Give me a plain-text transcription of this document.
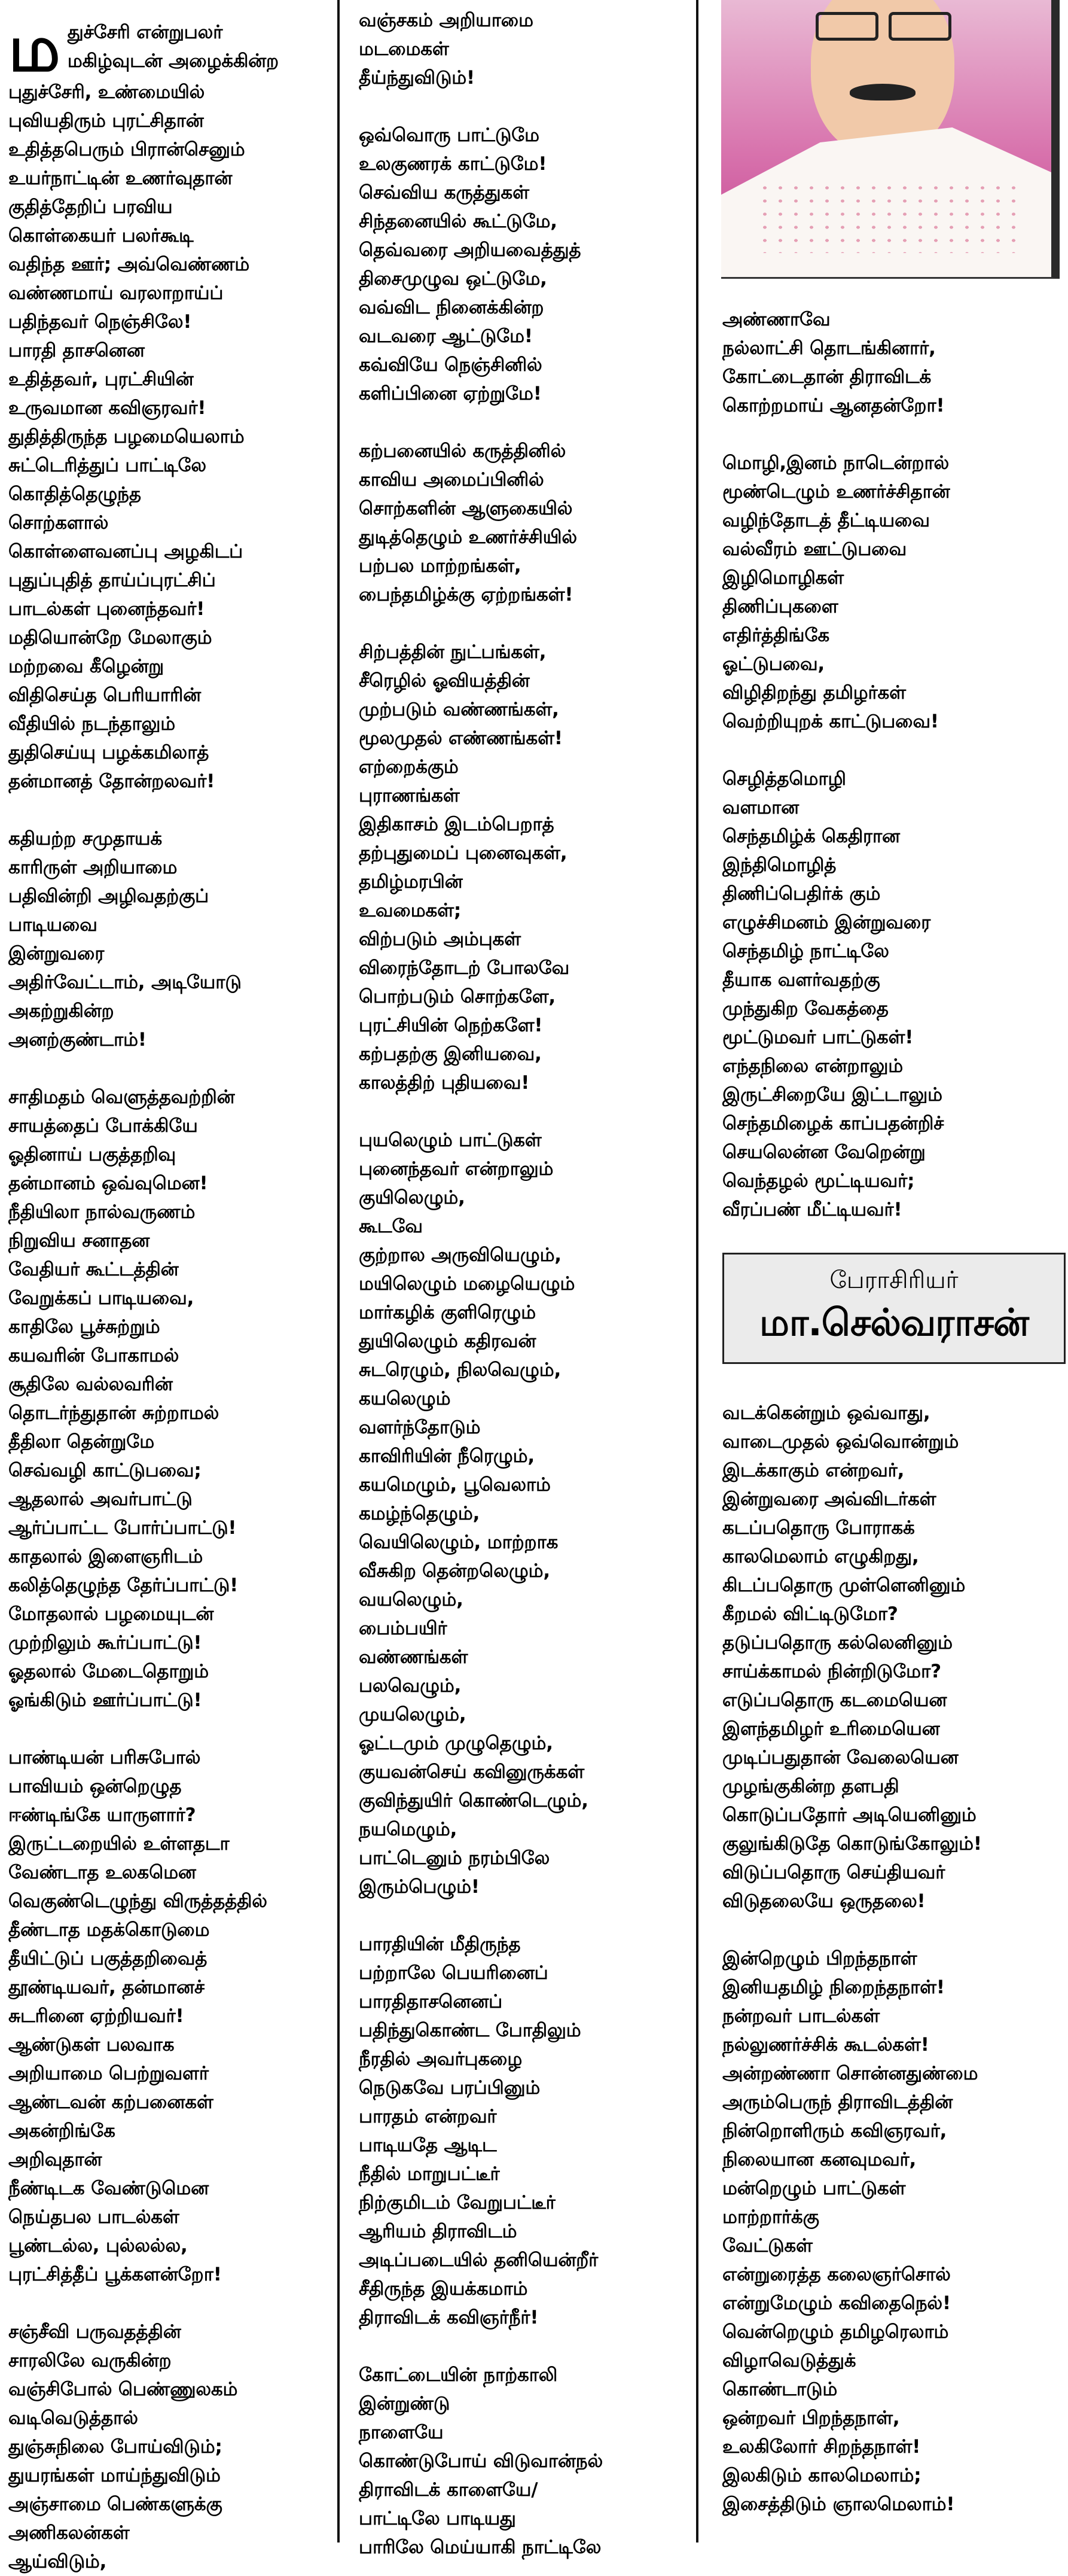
ம துச்சேரி என்றுபலர்
மகிழ்வுடன் அழைக்கின்ற
புதுச்சேரி, உண்மையில்
புவியதிரும் புரட்சிதான்
உதித்தபெரும் பிரான்செனும்
உயர்நாட்டின் உணர்வுதான்
குதித்தேறிப் பரவிய
கொள்கையர் பலர்கூடி
வதிந்த ஊர்; அவ்வெண்ணம்
வண்ணமாய் வரலாறாய்ப்
பதிந்தவர் நெஞ்சிலே!
பாரதி தாசனென
உதித்தவர், புரட்சியின்
உருவமான கவிஞரவர்!
துதித்திருந்த பழமையெலாம்
சுட்டெரித்துப் பாட்டிலே
கொதித்தெழுந்த
சொற்களால்
கொள்ளைவனப்பு அழகிடப்
புதுப்புதித் தாய்ப்புரட்சிப்
பாடல்கள் புனைந்தவர்!
மதியொன்றே மேலாகும்
மற்றவை கீழென்று
விதிசெய்த பெரியாரின்
வீதியில் நடந்தாலும்
துதிசெய்யு பழக்கமிலாத்
தன்மானத் தோன்றலவர்!
கதியற்ற சமுதாயக்
காரிருள் அறியாமை
பதிவின்றி அழிவதற்குப்
பாடியவை
இன்றுவரை
அதிர்வேட்டாம், அடியோடு
அகற்றுகின்ற
அனற்குண்டாம்!
சாதிமதம் வெளுத்தவற்றின்
சாயத்தைப் போக்கியே
ஓதினாய் பகுத்தறிவு
தன்மானம் ஒவ்வுமென!
நீதியிலா நால்வருணம்
நிறுவிய சனாதன
வேதியர் கூட்டத்தின்
வேறுக்கப் பாடியவை,
காதிலே பூச்சுற்றும்
கயவரின் போகாமல்
சூதிலே வல்லவரின்
தொடர்ந்துதான் சுற்றாமல்
தீதிலா தென்றுமே
செவ்வழி காட்டுபவை;
ஆதலால் அவர்பாட்டு
ஆர்ப்பாட்ட போர்ப்பாட்டு!
காதலால் இளைஞரிடம்
கலித்தெழுந்த தேர்ப்பாட்டு!
மோதலால் பழமையுடன்
முற்றிலும் கூர்ப்பாட்டு!
ஓதலால் மேடைதொறும்
ஓங்கிடும் ஊர்ப்பாட்டு!
பாண்டியன் பரிசுபோல்
பாவியம் ஒன்றெழுத
ஈண்டிங்கே யாருளார்?
இருட்டறையில் உள்ளதடா
வேண்டாத உலகமென
வெகுண்டெழுந்து விருத்தத்தில்
தீண்டாத மதக்கொடுமை
தீயிட்டுப் பகுத்தறிவைத்
தூண்டியவர், தன்மானச்
சுடரினை ஏற்றியவர்!
ஆண்டுகள் பலவாக
அறியாமை பெற்றுவளர்
ஆண்டவன் கற்பனைகள்
அகன்றிங்கே
அறிவுதான்
நீண்டிடக வேண்டுமென
நெய்தபல பாடல்கள்
பூண்டல்ல, புல்லல்ல,
புரட்சித்தீப் பூக்களன்றோ!
சஞ்சீவி பருவதத்தின்
சாரலிலே வருகின்ற
வஞ்சிபோல் பெண்ணுலகம்
வடிவெடுத்தால்
துஞ்சுநிலை போய்விடும்;
துயரங்கள் மாய்ந்துவிடும்
அஞ்சாமை பெண்களுக்கு
அணிகலன்கள்
ஆய்விடும்,
வஞ்சகம் அறியாமை
மடமைகள்
தீய்ந்துவிடும்!
ஒவ்வொரு பாட்டுமே
உலகுணரக் காட்டுமே!
செவ்விய கருத்துகள்
சிந்தனையில் கூட்டுமே,
தெவ்வரை அறியவைத்துத்
திசைமுழுவ ஒட்டுமே,
வவ்விட நினைக்கின்ற
வடவரை ஆட்டுமே!
கவ்வியே நெஞ்சினில்
களிப்பினை ஏற்றுமே!
கற்பனையில் கருத்தினில்
காவிய அமைப்பினில்
சொற்களின் ஆளுகையில்
துடித்தெழும் உணர்ச்சியில்
பற்பல மாற்றங்கள்,
பைந்தமிழ்க்கு ஏற்றங்கள்!
சிற்பத்தின் நுட்பங்கள்,
சீரெழில் ஓவியத்தின்
முற்படும் வண்ணங்கள்,
மூலமுதல் எண்ணங்கள்!
எற்றைக்கும்
புராணங்கள்
இதிகாசம் இடம்பெறாத்
தற்புதுமைப் புனைவுகள்,
தமிழ்மரபின்
உவமைகள்;
விற்படும் அம்புகள்
விரைந்தோடற் போலவே
பொற்படும் சொற்களே,
புரட்சியின் நெற்களே!
கற்பதற்கு இனியவை,
காலத்திற் புதியவை!
புயலெழும் பாட்டுகள்
புனைந்தவர் என்றாலும்
குயிலெழும்,
கூடவே
குற்றால அருவியெழும்,
மயிலெழும் மழையெழும்
மார்கழிக் குளிரெழும்
துயிலெழும் கதிரவன்
சுடரெழும், நிலவெழும்,
கயலெழும்
வளர்ந்தோடும்
காவிரியின் நீரெழும்,
கயமெழும், பூவெலாம்
கமழ்ந்தெழும்,
வெயிலெழும், மாற்றாக
வீசுகிற தென்றலெழும்,
வயலெழும்,
பைம்பயிர்
வண்ணங்கள்
பலவெழும்,
முயலெழும்,
ஓட்டமும் முழுதெழும்,
குயவன்செய் கவினுருக்கள்
குவிந்துயிர் கொண்டெழும்,
நயமெழும்,
பாட்டெனும் நரம்பிலே
இரும்பெழும்!
பாரதியின் மீதிருந்த
பற்றாலே பெயரினைப்
பாரதிதாசனெனப்
பதிந்துகொண்ட போதிலும்
நீரதில் அவர்புகழை
நெடுகவே பரப்பினும்
பாரதம் என்றவர்
பாடியதே ஆடிட
நீதில் மாறுபட்டீர்
நிற்குமிடம் வேறுபட்டீர்
ஆரியம் திராவிடம்
அடிப்படையில் தனியென்றீர்
சீதிருந்த இயக்கமாம்
திராவிடக் கவிஞர்நீர்!
கோட்டையின் நாற்காலி
இன்றுண்டு
நாளையே
கொண்டுபோய் விடுவான்நல்
திராவிடக் காளையே/
பாட்டிலே பாடியது
பாரிலே மெய்யாகி நாட்டிலே
அண்ணாவே
நல்லாட்சி தொடங்கினார்,
கோட்டைதான் திராவிடக்
கொற்றமாய் ஆனதன்றோ!
மொழி,இனம் நாடென்றால்
மூண்டெழும் உணர்ச்சிதான்
வழிந்தோடத் தீட்டியவை
வல்வீரம் ஊட்டுபவை
இழிமொழிகள்
திணிப்புகளை
எதிர்த்திங்கே
ஓட்டுபவை,
விழிதிறந்து தமிழர்கள்
வெற்றியுறக் காட்டுபவை!
செழித்தமொழி
வளமான
செந்தமிழ்க் கெதிரான
இந்திமொழித்
திணிப்பெதிர்க் கும்
எழுச்சிமனம் இன்றுவரை
செந்தமிழ் நாட்டிலே
தீயாக வளர்வதற்கு
முந்துகிற வேகத்தை
மூட்டுமவர் பாட்டுகள்!
எந்தநிலை என்றாலும்
இருட்சிறையே இட்டாலும்
செந்தமிழைக் காப்பதன்றிச்
செயலென்ன வேறென்று
வெந்தழல் மூட்டியவர்;
வீரப்பண் மீட்டியவர்!
பேராசிரியர்
மா.செல்வராசன்
வடக்கென்றும் ஒவ்வாது,
வாடைமுதல் ஒவ்வொன்றும்
இடக்காகும் என்றவர்,
இன்றுவரை அவ்விடர்கள்
கடப்பதொரு போராகக்
காலமெலாம் எழுகிறது,
கிடப்பதொரு முள்ளெனினும்
கீறமல் விட்டிடுமோ?
தடுப்பதொரு கல்லெனினும்
சாய்க்காமல் நின்றிடுமோ?
எடுப்பதொரு கடமையென
இளந்தமிழர் உரிமையென
முடிப்பதுதான் வேலையென
முழங்குகின்ற தளபதி
கொடுப்பதோர் அடியெனினும்
குலுங்கிடுதே கொடுங்கோலும்!
விடுப்பதொரு செய்தியவர்
விடுதலையே ஒருதலை!
இன்றெழும் பிறந்தநாள்
இனியதமிழ் நிறைந்தநாள்!
நன்றவர் பாடல்கள்
நல்லுணர்ச்சிக் கூடல்கள்!
அன்றண்ணா சொன்னதுண்மை
அரும்பெருந் திராவிடத்தின்
நின்றொளிரும் கவிஞரவர்,
நிலையான கனவுமவர்,
மன்றெழும் பாட்டுகள்
மாற்றார்க்கு
வேட்டுகள்
என்றுரைத்த கலைஞர்சொல்
என்றுமேழும் கவிதைநெல்!
வென்றெழும் தமிழரெலாம்
விழாவெடுத்துக்
கொண்டாடும்
ஒன்றவர் பிறந்தநாள்,
உலகிலோர் சிறந்தநாள்!
இலகிடும் காலமெலாம்;
இசைத்திடும் ஞாலமெலாம்!
